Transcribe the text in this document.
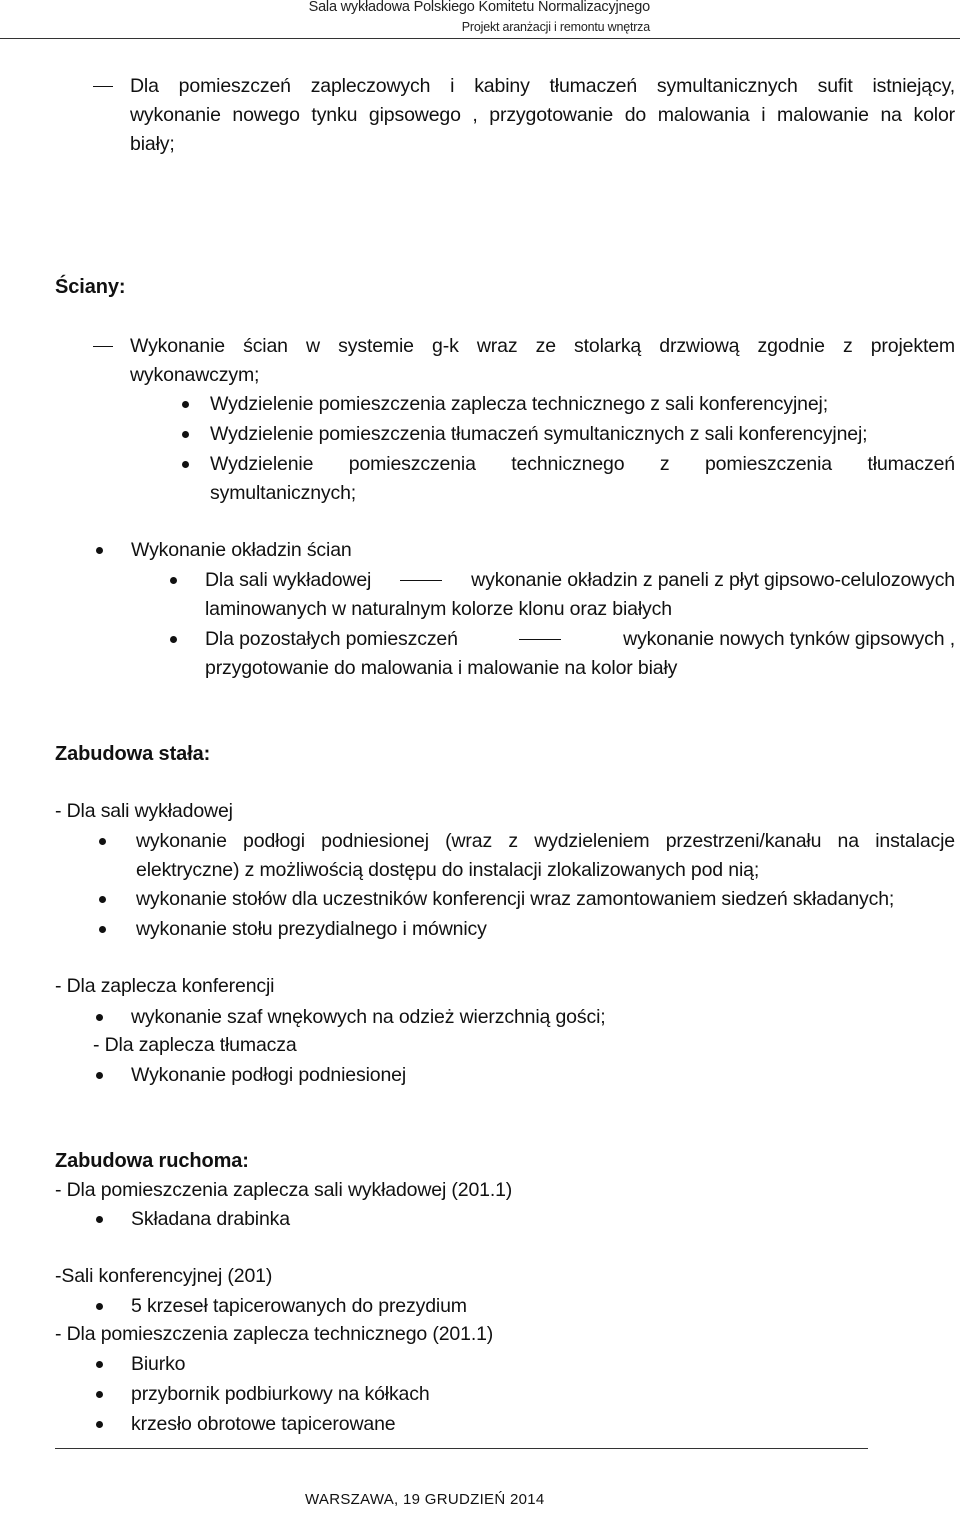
Sala wykładowa Polskiego Komitetu Normalizacyjnego
Projekt aranżacji i remontu wnętrza
Dla pomieszczeń zapleczowych i kabiny tłumaczeń symultanicznych sufit istniejący,
wykonanie nowego tynku gipsowego , przygotowanie do malowania i malowanie na kolor
biały;
Ściany:
Wykonanie ścian w systemie g-k wraz ze stolarką drzwiową zgodnie z projektem
wykonawczym;
Wydzielenie pomieszczenia zaplecza technicznego z sali konferencyjnej;
Wydzielenie pomieszczenia tłumaczeń symultanicznych z sali konferencyjnej;
Wydzielenie pomieszczenia technicznego z pomieszczenia tłumaczeń
symultanicznych;
Wykonanie okładzin ścian
Dla sali wykładowej	wykonanie okładzin z paneli z płyt gipsowo-celulozowych
laminowanych w naturalnym kolorze klonu oraz białych
Dla pozostałych pomieszczeń	wykonanie nowych tynków gipsowych ,
przygotowanie do malowania i malowanie na kolor biały
Zabudowa stała:
- Dla sali wykładowej
wykonanie podłogi podniesionej (wraz z wydzieleniem przestrzeni/kanału na instalacje
elektryczne) z możliwością dostępu do instalacji zlokalizowanych pod nią;
wykonanie stołów dla uczestników konferencji wraz zamontowaniem siedzeń składanych;
wykonanie stołu prezydialnego i mównicy
- Dla zaplecza konferencji
wykonanie szaf wnękowych na odzież wierzchnią gości;
- Dla zaplecza tłumacza
Wykonanie podłogi podniesionej
Zabudowa ruchoma:
- Dla pomieszczenia zaplecza sali wykładowej (201.1)
Składana drabinka
-Sali konferencyjnej (201)
5 krzeseł tapicerowanych do prezydium
- Dla pomieszczenia zaplecza technicznego (201.1)
Biurko
przybornik podbiurkowy na kółkach
krzesło obrotowe tapicerowane
WARSZAWA, 19 GRUDZIEŃ 2014
